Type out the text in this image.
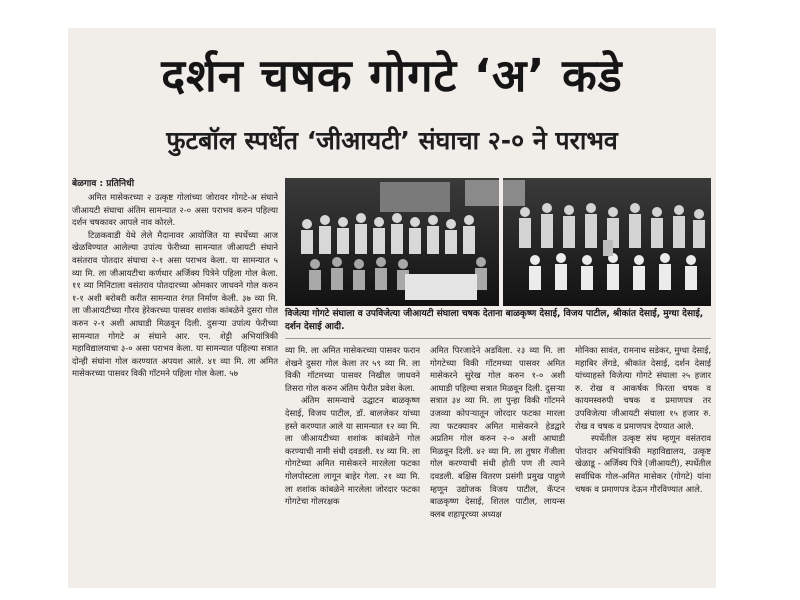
दर्शन चषक गोगटे ‘अ’ कडे
फुटबॉल स्पर्धेत ‘जीआयटी’ संघाचा २-० ने पराभव

बेळगाव : प्रतिनिधी

अमित मासेकरच्या २ उत्कृष्ट गोलांच्या जोरावर गोगटे-अ संघाने जीआयटी संघाचा अंतिम सामन्यात २-० असा पराभव करुन पहिल्या दर्शन चषकावर आपले नाव कोरले.

टिळकवाडी येथे लेले मैदानावर आयोजित या स्पर्धेच्या आज खेळविण्यात आलेल्या उपांत्य फेरीच्या सामन्यात जीआयटी संघाने वसंतराव पोतदार संघाचा २-१ असा पराभव केला. या सामन्यात ५ व्या मि. ला जीआयटीचा कर्णधार अर्जिक्य पित्रेने पहिला गोल केला. ११ व्या मिनिटाला वसंतराव पोतदारच्या ओमकार जाधवने गोल करुन १-१ अशी बरोबरी करीत सामन्यात रंगत निर्माण केली. ३७ व्या मि. ला जीआयटीच्या गौरव हेरेकरच्या पासवर शशांक कांबळेने दुसरा गोल करुन २-१ अशी आघाडी मिळवून दिली. दुसऱ्या उपांत्य फेरीच्या सामन्यात गोगटे अ संघाने आर. एन. शेट्टी अभियांत्रिकी महाविद्यालयाचा ३-० असा पराभव केला. या सामन्यात पहिल्या सत्रात दोन्ही संघांना गोल करण्यात अपयश आले. ४१ व्या मि. ला अमित मासेकरच्या पासवर विकी गॉटमने पहिला गोल केला. ५७

विजेत्या गोगटे संघाला व उपविजेत्या जीआयटी संघाला चषक देताना बाळकृष्ण देसाई, विजय पाटील, श्रीकांत देसाई, मुग्धा देसाई, दर्शन देसाई आदी.

व्या मि. ला अमित मासेकरच्या पासवर फरान शेखने दुसरा गोल केला तर ५९ व्या मि. ला विकी गॉटमच्या पासवर निखील जाधवने तिसरा गोल करुन अंतिम फेरीत प्रवेश केला.

अंतिम सामन्याचे उद्घाटन बाळकृष्ण देसाई, विजय पाटील, डॉ. बालजेकर यांच्या हस्ते करण्यात आले या सामन्यात १२ व्या मि. ला जीआयटीच्या शशांक कांबळेने गोल करण्याची नामी संधी दवडली. १४ व्या मि. ला गोगटेच्या अमित मासेकरने मारलेला फटका गोलपोस्टला लागून बाहेर गेला. २१ व्या मि. ला शशांक कांबळेने मारलेला जोरदार फटका गोगटेचा गोलरक्षक

अमित पिरजादेने अडविला. २३ व्या मि. ला गोगटेच्या विकी गॉटमच्या पासवर अमित मासेकरने सुरेख गोल करुन १-० अशी आघाडी पहिल्या सत्रात मिळवून दिली. दुसऱ्या सत्रात ३४ व्या मि. ला पुन्हा विकी गॉटमने उजव्या कोपऱ्यातून जोरदार फटका मारला त्या फटक्यावर अमित मासेकरने हेडद्वारे अप्रतिम गोल करुन २-० अशी आघाडी मिळवून दिली. ४२ व्या मि. ला तुषार गेंजीला गोल करण्याची संधी होती पण ती त्याने दवडली. बक्षिस वितरण प्रसंगी प्रमुख पाहुणे म्हणून उद्योजक विजय पाटील, कॅप्टन बाळकृष्ण देसाई, शितल पाटील, लायन्स क्लब शहापूरच्या अध्यक्ष

मोनिका सावंत, रामनाथ सडेकर, मुग्धा देसाई, महाबिर लेंगडे, श्रीकांत देसाई, दर्शन देसाई यांच्याहस्ते विजेत्या गोगटे संघाला २५ हजार रु. रोख व आकर्षक फिरता चषक व कायमस्वरुपी चषक व प्रमाणपत्र तर उपविजेत्या जीआयटी संघाला १५ हजार रु. रोख व चषक व प्रमाणपत्र देण्यात आले.

स्पर्धेतील उत्कृष्ट संघ म्हणून वसंतराव पोतदार अभियांत्रिकी महाविद्यालय, उत्कृष्ट खेळाडू - अर्जिक्य पित्रे (जीआयटी), स्पर्धेतील सर्वाधिक गोल-अमित मासेकर (गोगटे) यांना चषक व प्रमाणपत्र देऊन गौरविण्यात आले.
